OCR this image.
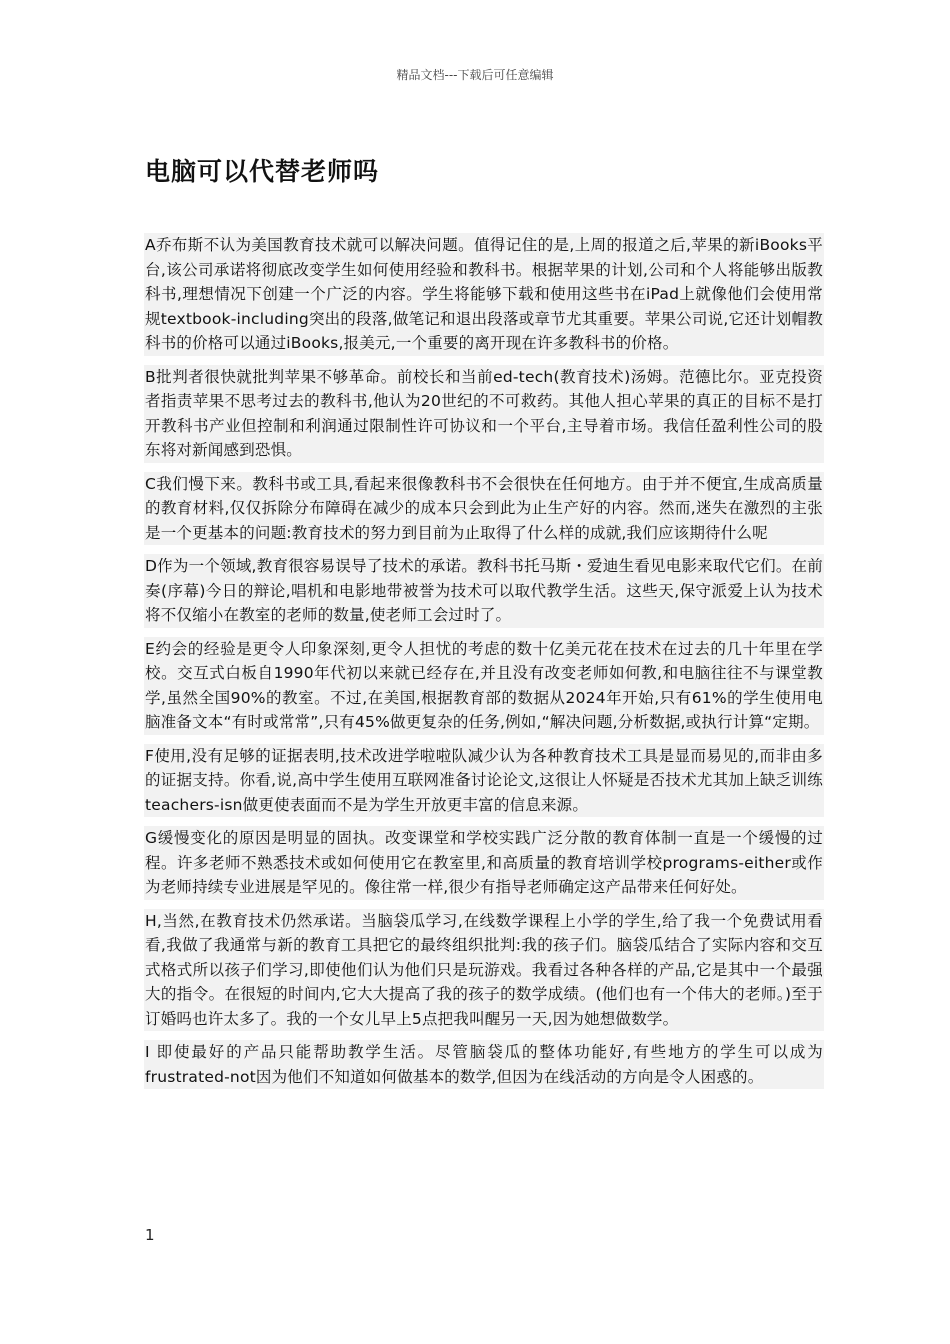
精品文档---下载后可任意编辑
电脑可以代替老师吗

A乔布斯不认为美国教育技术就可以解决问题。值得记住的是,上周的报道之后,苹果的新iBooks平台,该公司承诺将彻底改变学生如何使用经验和教科书。根据苹果的计划,公司和个人将能够出版教科书,理想情况下创建一个广泛的内容。学生将能够下载和使用这些书在iPad上就像他们会使用常规textbook-including突出的段落,做笔记和退出段落或章节尤其重要。苹果公司说,它还计划帽教科书的价格可以通过iBooks,报美元,一个重要的离开现在许多教科书的价格。

B批判者很快就批判苹果不够革命。前校长和当前ed-tech(教育技术)汤姆。范德比尔。亚克投资者指责苹果不思考过去的教科书,他认为20世纪的不可救药。其他人担心苹果的真正的目标不是打开教科书产业但控制和利润通过限制性许可协议和一个平台,主导着市场。我信任盈利性公司的股东将对新闻感到恐惧。

C我们慢下来。教科书或工具,看起来很像教科书不会很快在任何地方。由于并不便宜,生成高质量的教育材料,仅仅拆除分布障碍在减少的成本只会到此为止生产好的内容。然而,迷失在激烈的主张是一个更基本的问题:教育技术的努力到目前为止取得了什么样的成就,我们应该期待什么呢

D作为一个领域,教育很容易误导了技术的承诺。教科书托马斯・爱迪生看见电影来取代它们。在前奏(序幕)今日的辩论,唱机和电影地带被誉为技术可以取代教学生活。这些天,保守派爱上认为技术将不仅缩小在教室的老师的数量,使老师工会过时了。

E约会的经验是更令人印象深刻,更令人担忧的考虑的数十亿美元花在技术在过去的几十年里在学校。交互式白板自1990年代初以来就已经存在,并且没有改变老师如何教,和电脑往往不与课堂教学,虽然全国90%的教室。不过,在美国,根据教育部的数据从2024年开始,只有61%的学生使用电脑准备文本“有时或常常”,只有45%做更复杂的任务,例如,“解决问题,分析数据,或执行计算“定期。

F使用,没有足够的证据表明,技术改进学啦啦队减少认为各种教育技术工具是显而易见的,而非由多的证据支持。你看,说,高中学生使用互联网准备讨论论文,这很让人怀疑是否技术尤其加上缺乏训练teachers-isn做更使表面而不是为学生开放更丰富的信息来源。

G缓慢变化的原因是明显的固执。改变课堂和学校实践广泛分散的教育体制一直是一个缓慢的过程。许多老师不熟悉技术或如何使用它在教室里,和高质量的教育培训学校programs-either或作为老师持续专业进展是罕见的。像往常一样,很少有指导老师确定这产品带来任何好处。

H,当然,在教育技术仍然承诺。当脑袋瓜学习,在线数学课程上小学的学生,给了我一个免费试用看看,我做了我通常与新的教育工具把它的最终组织批判:我的孩子们。脑袋瓜结合了实际内容和交互式格式所以孩子们学习,即使他们认为他们只是玩游戏。我看过各种各样的产品,它是其中一个最强大的指令。在很短的时间内,它大大提高了我的孩子的数学成绩。(他们也有一个伟大的老师。)至于订婚吗也许太多了。我的一个女儿早上5点把我叫醒另一天,因为她想做数学。

I 即使最好的产品只能帮助教学生活。尽管脑袋瓜的整体功能好,有些地方的学生可以成为frustrated-not因为他们不知道如何做基本的数学,但因为在线活动的方向是令人困惑的。

1
